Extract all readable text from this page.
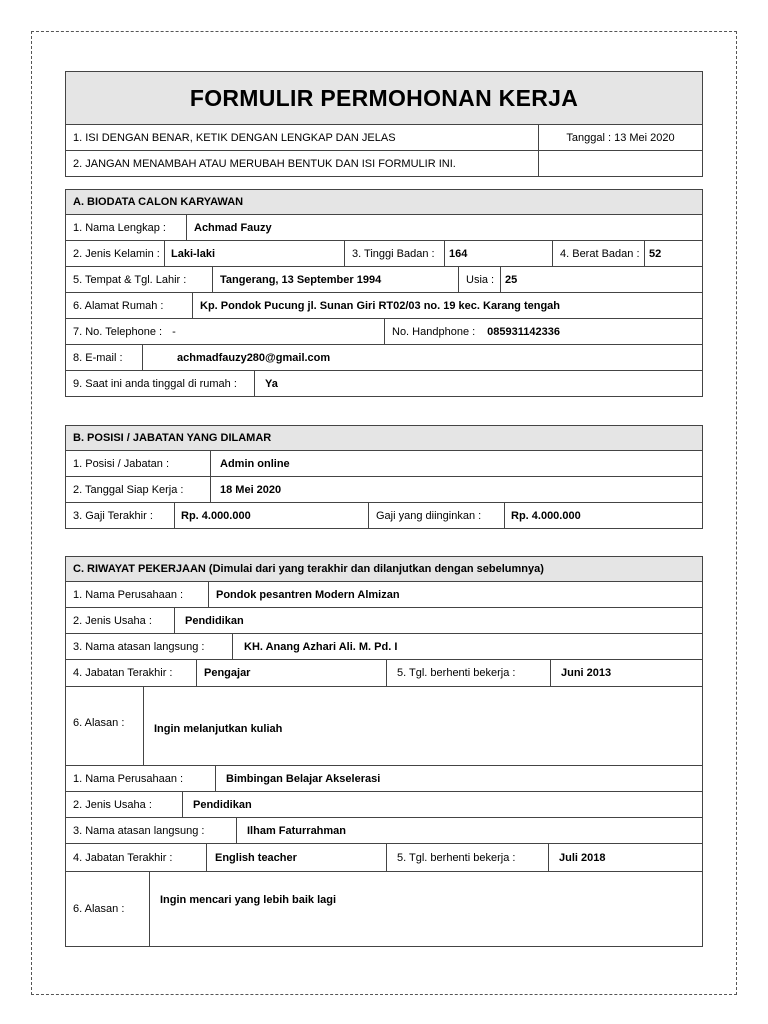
FORMULIR PERMOHONAN KERJA
1. ISI DENGAN BENAR, KETIK DENGAN LENGKAP DAN JELAS	Tanggal : 13 Mei 2020
2. JANGAN MENAMBAH ATAU MERUBAH BENTUK DAN ISI FORMULIR INI.
A. BIODATA CALON KARYAWAN
1. Nama Lengkap :	Achmad Fauzy
2. Jenis Kelamin :	Laki-laki	3. Tinggi Badan :	164	4. Berat Badan : 52
5. Tempat & Tgl. Lahir :	Tangerang, 13 September 1994	Usia : 25
6. Alamat Rumah :	Kp. Pondok Pucung jl. Sunan Giri RT02/03 no. 19 kec. Karang tengah
7. No. Telephone : -	No. Handphone : 085931142336
8. E-mail :	achmadfauzy280@gmail.com
9. Saat ini anda tinggal di rumah :	Ya
B. POSISI / JABATAN YANG DILAMAR
1. Posisi / Jabatan :	Admin online
2. Tanggal Siap Kerja :	18 Mei 2020
3. Gaji Terakhir :	Rp. 4.000.000	Gaji yang diinginkan :	Rp. 4.000.000
C. RIWAYAT PEKERJAAN (Dimulai dari yang terakhir dan dilanjutkan dengan sebelumnya)
1. Nama Perusahaan :	Pondok pesantren Modern Almizan
2. Jenis Usaha :	Pendidikan
3. Nama atasan langsung :	KH. Anang Azhari Ali. M. Pd. I
4. Jabatan Terakhir :	Pengajar	5. Tgl. berhenti bekerja :	Juni 2013
6. Alasan :	Ingin melanjutkan kuliah
1. Nama Perusahaan :	Bimbingan Belajar Akselerasi
2. Jenis Usaha :	Pendidikan
3. Nama atasan langsung :	Ilham Faturrahman
4. Jabatan Terakhir :	English teacher	5. Tgl. berhenti bekerja :	Juli 2018
6. Alasan :
Ingin mencari yang lebih baik lagi
